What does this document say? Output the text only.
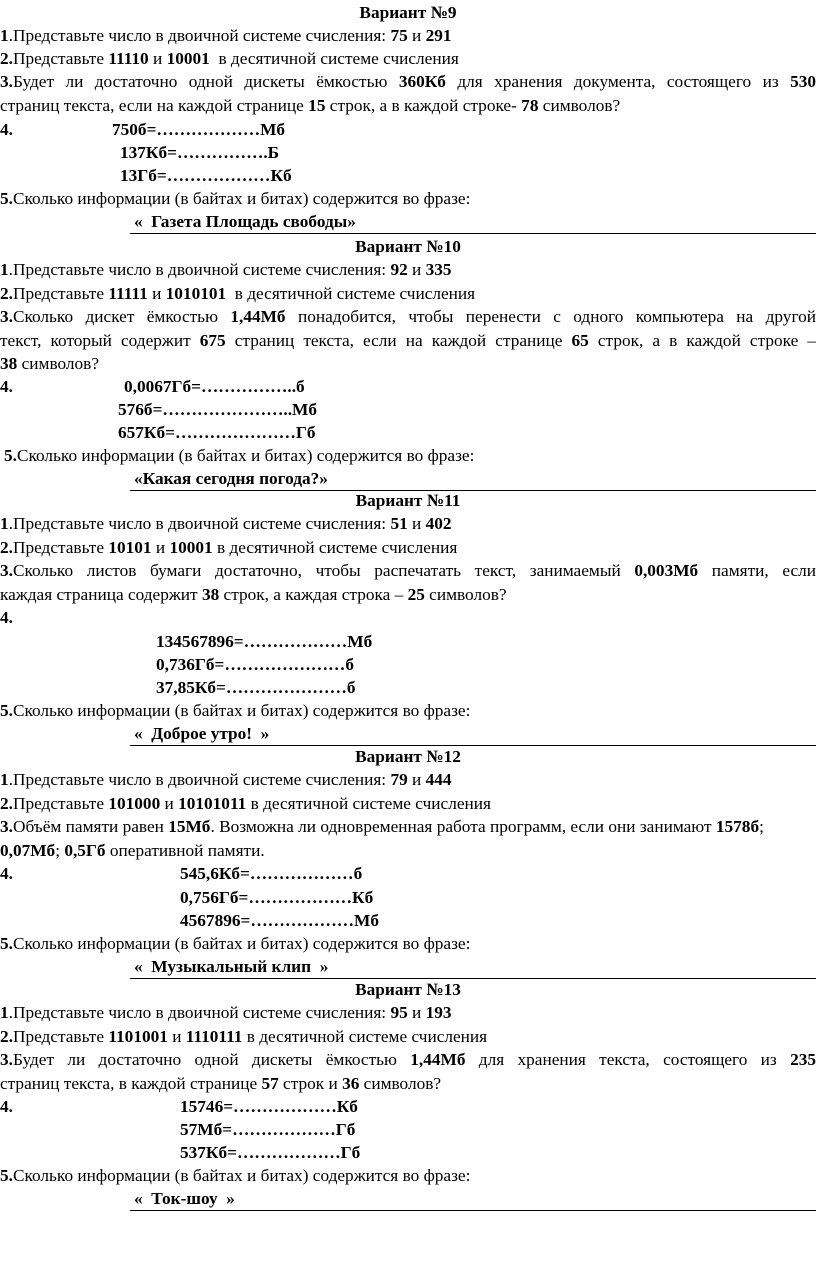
Вариант №9
1.Представьте число в двоичной системе счисления: 75 и 291
2.Представьте 11110 и 10001  в десятичной системе счисления
3.Будет ли достаточно одной дискеты ёмкостью 360Кб для хранения документа, состоящего из 530
страниц текста, если на каждой странице 15 строк, а в каждой строке- 78 символов?
4.	750б=………………Мб
137Кб=…………….Б
13Гб=………………Кб
5.Сколько информации (в байтах и битах) содержится во фразе:
«  Газета Площадь свободы»
Вариант №10
1.Представьте число в двоичной системе счисления: 92 и 335
2.Представьте 11111 и 1010101  в десятичной системе счисления
3.Сколько дискет ёмкостью 1,44Мб понадобится, чтобы перенести с одного компьютера на другой
текст, который содержит 675 страниц текста, если на каждой странице 65 строк, а в каждой строке –
38 символов?
4.	0,0067Гб=……………..б
576б=…………………..Мб
657Кб=…………………Гб
5.Сколько информации (в байтах и битах) содержится во фразе:
«Какая сегодня погода?»
Вариант №11
1.Представьте число в двоичной системе счисления: 51 и 402
2.Представьте 10101 и 10001 в десятичной системе счисления
3.Сколько листов бумаги достаточно, чтобы распечатать текст, занимаемый 0,003Мб памяти, если
каждая страница содержит 38 строк, а каждая строка – 25 символов?
4.
134567896=………………Мб
0,736Гб=…………………б
37,85Кб=…………………б
5.Сколько информации (в байтах и битах) содержится во фразе:
«  Доброе утро!  »
Вариант №12
1.Представьте число в двоичной системе счисления: 79 и 444
2.Представьте 101000 и 10101011 в десятичной системе счисления
3.Объём памяти равен 15Мб. Возможна ли одновременная работа программ, если они занимают 1578б;
0,07Мб; 0,5Гб оперативной памяти.
4.	545,6Кб=………………б
0,756Гб=………………Кб
4567896=………………Мб
5.Сколько информации (в байтах и битах) содержится во фразе:
«  Музыкальный клип  »
Вариант №13
1.Представьте число в двоичной системе счисления: 95 и 193
2.Представьте 1101001 и 1110111 в десятичной системе счисления
3.Будет ли достаточно одной дискеты ёмкостью 1,44Мб для хранения текста, состоящего из 235
страниц текста, в каждой странице 57 строк и 36 символов?
4.	15746=………………Кб
57Мб=………………Гб
537Кб=………………Гб
5.Сколько информации (в байтах и битах) содержится во фразе:
«  Ток-шоу  »
